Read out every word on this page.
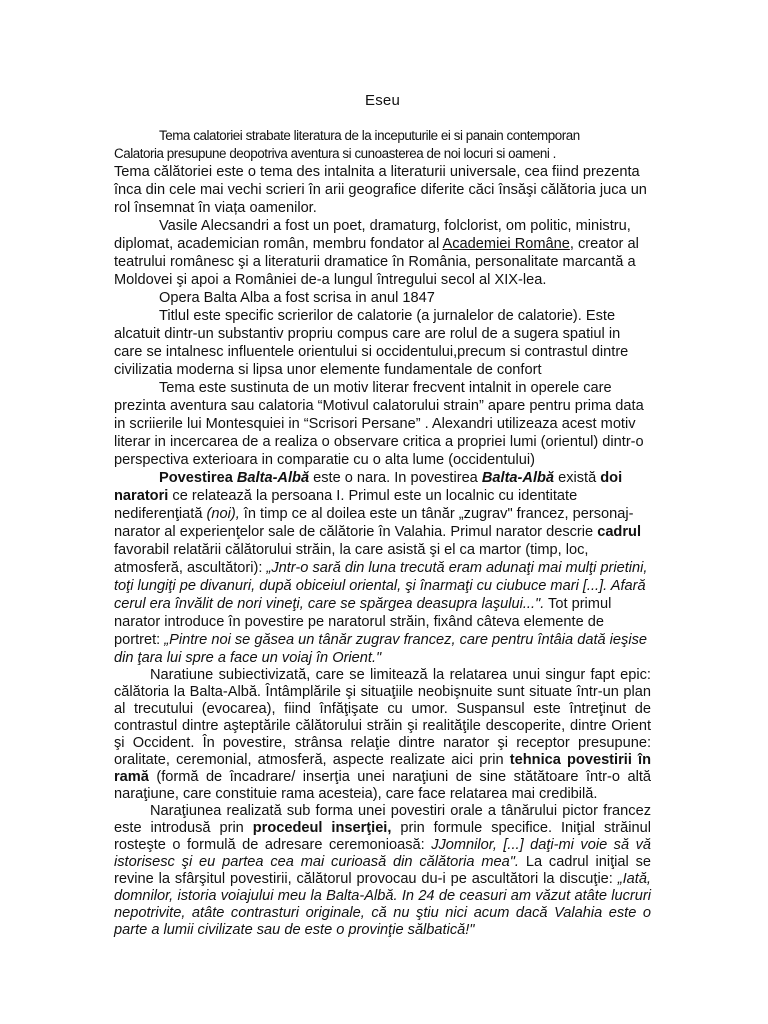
Eseu

Tema calatoriei strabate literatura de la inceputurile ei si panain contemporan

Calatoria presupune deopotriva aventura si cunoasterea de noi locuri si oameni .

Tema călătoriei este o tema des intalnita a literaturii universale, cea fiind prezenta înca din cele mai vechi scrieri în arii geografice diferite căci însăşi călătoria juca un rol însemnat în viața oamenilor.

Vasile Alecsandri a fost un poet, dramaturg, folclorist, om politic, ministru, diplomat, academician român, membru fondator al Academiei Române, creator al teatrului românesc şi a literaturii dramatice în România, personalitate marcantă a Moldovei şi apoi a României de-a lungul întregului secol al XIX-lea.

Opera Balta Alba a fost scrisa in anul 1847

Titlul este specific scrierilor de calatorie (a jurnalelor de calatorie). Este alcatuit dintr-un substantiv propriu compus care are rolul de a sugera spatiul in care se intalnesc influentele orientului si occidentului,precum si contrastul dintre civilizatia moderna si lipsa unor elemente fundamentale de confort

Tema este sustinuta de un motiv literar frecvent intalnit in operele care prezinta aventura sau calatoria “Motivul calatorului strain” apare pentru prima data in scriierile lui Montesquiei in “Scrisori Persane” . Alexandri utilizeaza acest motiv literar in incercarea de a realiza o observare critica a propriei lumi (orientul) dintr-o perspectiva exterioara in comparatie cu o alta lume (occidentului)

Povestirea Balta-Albă este o nara. In povestirea Balta-Albă există doi naratori ce relatează la persoana I. Primul este un localnic cu identitate nediferenţiată (noi), în timp ce al doilea este un tânăr „zugrav" francez, personaj-narator al experienţelor sale de călătorie în Valahia. Primul narator descrie cadrul favorabil relatării călătorului străin, la care asistă şi el ca martor (timp, loc, atmosferă, ascultători): „Jntr-o sară din luna trecută eram adunaţi mai mulţi prietini, toţi lungiţi pe divanuri, după obiceiul oriental, şi înarmaţi cu ciubuce mari [...]. Afară cerul era învălit de nori vineţi, care se spărgea deasupra laşului...". Tot primul narator introduce în povestire pe naratorul străin, fixând câteva elemente de portret: „Pintre noi se găsea un tânăr zugrav francez, care pentru întâia dată ieşise din ţara lui spre a face un voiaj în Orient."

Naratiune subiectivizată, care se limitează la relatarea unui singur fapt epic: călătoria la Balta-Albă. Întâmplările şi situaţiile neobişnuite sunt situate într-un plan al trecutului (evocarea), fiind înfăţişate cu umor. Suspansul este întreţinut de contrastul dintre aşteptările călătorului străin şi realităţile descoperite, dintre Orient şi Occident. În povestire, strânsa relaţie dintre narator şi receptor presupune: oralitate, ceremonial, atmosferă, aspecte realizate aici prin tehnica povestirii în ramă (formă de încadrare/ inserţia unei naraţiuni de sine stătătoare într-o altă naraţiune, care constituie rama acesteia), care face relatarea mai credibilă.

Naraţiunea realizată sub forma unei povestiri orale a tânărului pictor francez este introdusă prin procedeul inserţiei, prin formule specifice. Iniţial străinul rosteşte o formulă de adresare ceremonioasă: JJomnilor, [...] daţi-mi voie să vă istorisesc şi eu partea cea mai curioasă din călătoria mea". La cadrul iniţial se revine la sfârşitul povestirii, călătorul provocau du-i pe ascultători la discuţie: „Iată, domnilor, istoria voiajului meu la Balta-Albă. In 24 de ceasuri am văzut atâte lucruri nepotrivite, atâte contrasturi originale, că nu ştiu nici acum dacă Valahia este o parte a lumii civilizate sau de este o provinţie sălbatică!"
